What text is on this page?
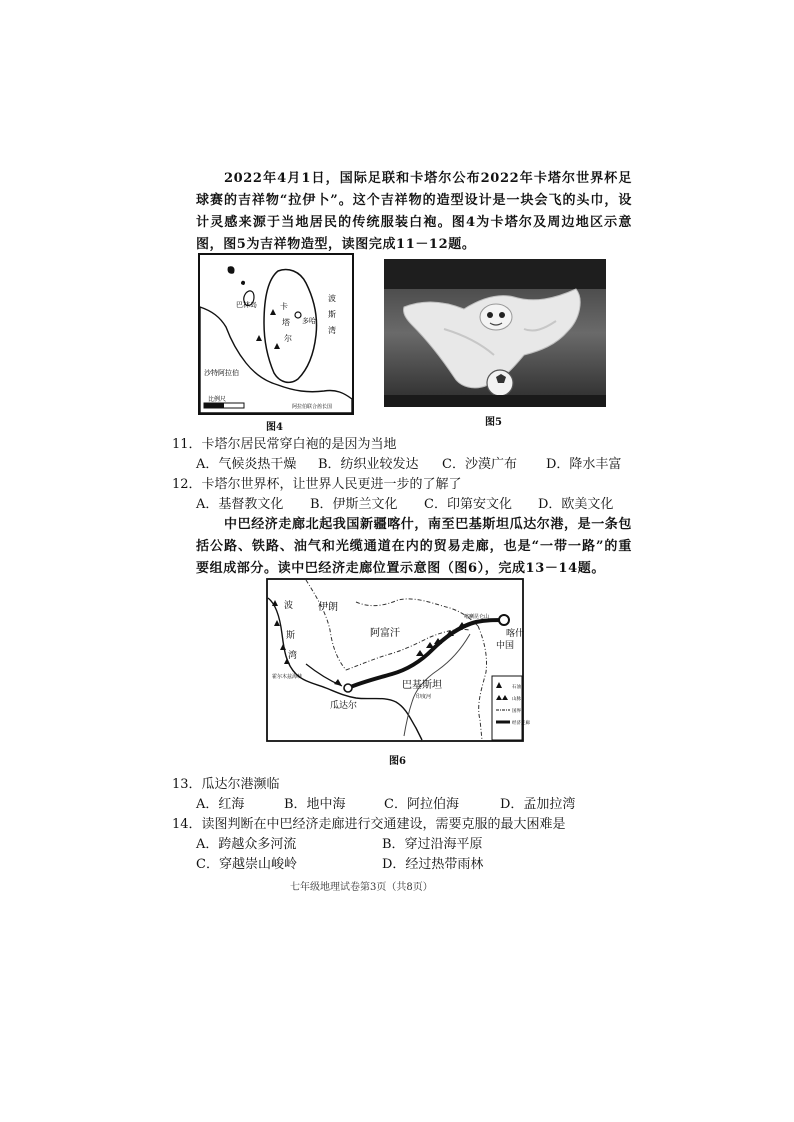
2022年4月1日，国际足联和卡塔尔公布2022年卡塔尔世界杯足球赛的吉祥物“拉伊卜”。这个吉祥物的造型设计是一块会飞的头巾，设计灵感来源于当地居民的传统服装白袍。图4为卡塔尔及周边地区示意图，图5为吉祥物造型，读图完成11－12题。
比例尺
巴林岛	卡
塔
尔
多哈
波
斯
湾
沙特阿拉伯
阿拉伯联合酋长国
图4	图5
11．卡塔尔居民常穿白袍的是因为当地
A．气候炎热干燥 B．纺织业较发达 C．沙漠广布 D．降水丰富
12．卡塔尔世界杯，让世界人民更进一步的了解了
A．基督教文化 B．伊斯兰文化 C．印第安文化 D．欧美文化
中巴经济走廊北起我国新疆喀什，南至巴基斯坦瓜达尔港，是一条包括公路、铁路、油气和光缆通道在内的贸易走廊，也是“一带一路”的重要组成部分。读中巴经济走廊位置示意图（图6），完成13－14题。
石油
山脉
国界
经济走廊
波
斯
湾
伊朗
阿富汗
巴基斯坦
中国
喀什
瓜达尔
霍尔木兹海峡
喀喇昆仑山
印度河
图6
13．瓜达尔港濒临
A．红海	B．地中海	C．阿拉伯海	D．孟加拉湾
14．读图判断在中巴经济走廊进行交通建设，需要克服的最大困难是
A．跨越众多河流	B．穿过沿海平原
C．穿越崇山峻岭	D．经过热带雨林
七年级地理试卷第3页（共8页）
